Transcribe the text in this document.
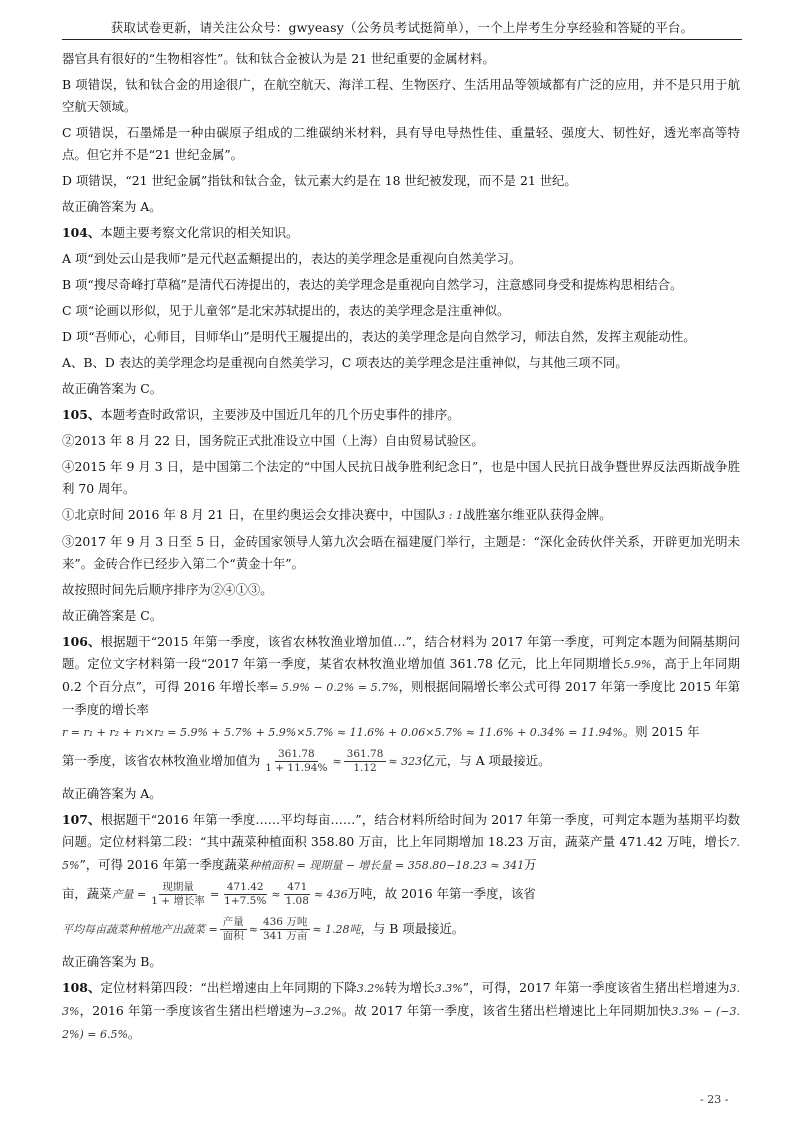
获取试卷更新，请关注公众号：gwyeasy（公务员考试挺简单），一个上岸考生分享经验和答疑的平台。

器官具有很好的“生物相容性”。钛和钛合金被认为是 21 世纪重要的金属材料。

B 项错误，钛和钛合金的用途很广，在航空航天、海洋工程、生物医疗、生活用品等领域都有广泛的应用，并不是只用于航空航天领域。

C 项错误，石墨烯是一种由碳原子组成的二维碳纳米材料，具有导电导热性佳、重量轻、强度大、韧性好，透光率高等特点。但它并不是“21 世纪金属”。

D 项错误，“21 世纪金属”指钛和钛合金，钛元素大约是在 18 世纪被发现，而不是 21 世纪。

故正确答案为 A。

104、本题主要考察文化常识的相关知识。

A 项“到处云山是我师”是元代赵孟頫提出的，表达的美学理念是重视向自然美学习。

B 项“搜尽奇峰打草稿”是清代石涛提出的，表达的美学理念是重视向自然学习，注意感同身受和提炼构思相结合。

C 项“论画以形似，见于儿童邻”是北宋苏轼提出的，表达的美学理念是注重神似。

D 项“吾师心，心师目，目师华山”是明代王履提出的，表达的美学理念是向自然学习，师法自然，发挥主观能动性。

A、B、D 表达的美学理念均是重视向自然美学习，C 项表达的美学理念是注重神似，与其他三项不同。

故正确答案为 C。

105、本题考查时政常识，主要涉及中国近几年的几个历史事件的排序。

②2013 年 8 月 22 日，国务院正式批准设立中国（上海）自由贸易试验区。

④2015 年 9 月 3 日，是中国第二个法定的“中国人民抗日战争胜利纪念日”，也是中国人民抗日战争暨世界反法西斯战争胜利 70 周年。

①北京时间 2016 年 8 月 21 日，在里约奥运会女排决赛中，中国队3 : 1战胜塞尔维亚队获得金牌。

③2017 年 9 月 3 日至 5 日，金砖国家领导人第九次会晤在福建厦门举行，主题是：“深化金砖伙伴关系，开辟更加光明未来”。金砖合作已经步入第二个“黄金十年”。

故按照时间先后顺序排序为②④①③。

故正确答案是 C。

106、根据题干“2015 年第一季度，该省农林牧渔业增加值…”，结合材料为 2017 年第一季度，可判定本题为间隔基期问题。定位文字材料第一段“2017 年第一季度，某省农林牧渔业增加值 361.78 亿元，比上年同期增长5.9%，高于上年同期 0.2 个百分点”，可得 2016 年增长率= 5.9% − 0.2% = 5.7%，则根据间隔增长率公式可得 2017 年第一季度比 2015 年第一季度的增长率

r = r₁ + r₂ + r₁×r₂ = 5.9% + 5.7% + 5.9%×5.7% ≈ 11.6% + 0.06×5.7% ≈ 11.6% + 0.34% = 11.94%。则 2015 年

第一季度，该省农林牧渔业增加值为 $\frac{361.78}{1 + 11.94\%} \approx \frac{361.78}{1.12} \approx 323$亿元，与 A 项最接近。

故正确答案为 A。

107、根据题干“2016 年第一季度……平均每亩……”，结合材料所给时间为 2017 年第一季度，可判定本题为基期平均数问题。定位材料第二段：“其中蔬菜种植面积 358.80 万亩，比上年同期增加 18.23 万亩，蔬菜产量 471.42 万吨，增长7.5%”，可得 2016 年第一季度蔬菜种植面积 = 现期量 − 增长量 = 358.80−18.23 ≈ 341万

亩，蔬菜产量 = $\frac{\text{现期量}}{\text{1 + 增长率}} = \frac{471.42}{1+7.5\%} \approx \frac{471}{1.08} \approx 436$万吨，故 2016 年第一季度，该省

平均每亩蔬菜种植地产出蔬菜 = $\frac{\text{产量}}{\text{面积}} \approx \frac{\text{436 万吨}}{\text{341 万亩}} \approx 1.28$吨，与 B 项最接近。

故正确答案为 B。

108、定位材料第四段：“出栏增速由上年同期的下降3.2%转为增长3.3%”，可得，2017 年第一季度该省生猪出栏增速为3.3%，2016 年第一季度该省生猪出栏增速为−3.2%。故 2017 年第一季度，该省生猪出栏增速比上年同期加快3.3% − (−3.2%) = 6.5%。

- 23 -
